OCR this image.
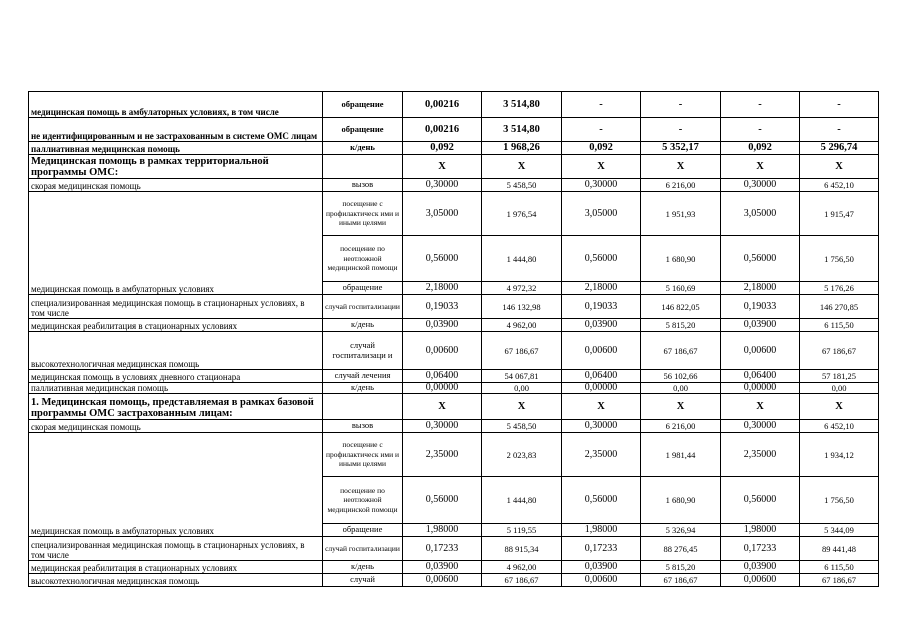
медицинская помощь в амбулаторных условиях, в том числе	обращение	0,00216	3 514,80	-	-	-	-
не идентифицированным и не застрахованным в системе ОМС лицам	обращение	0,00216	3 514,80	-	-	-	-
паллиативная медицинская помощь	к/день	0,092	1 968,26	0,092	5 352,17	0,092	5 296,74
Медицинская помощь в рамках территориальной программы ОМС:		X	X	X	X	X	X
скорая медицинская помощь	вызов	0,30000	5 458,50	0,30000	6 216,00	0,30000	6 452,10
медицинская помощь в амбулаторных условиях	посещение с профилактическ ими и иными целями	3,05000	1 976,54	3,05000	1 951,93	3,05000	1 915,47
	посещение по неотложной медицинской помощи	0,56000	1 444,80	0,56000	1 680,90	0,56000	1 756,50
	обращение	2,18000	4 972,32	2,18000	5 160,69	2,18000	5 176,26
специализированная медицинская помощь в стационарных условиях, в том числе	случай госпитализации	0,19033	146 132,98	0,19033	146 822,05	0,19033	146 270,85
медицинская реабилитация в стационарных условиях	к/день	0,03900	4 962,00	0,03900	5 815,20	0,03900	6 115,50
высокотехнологичная медицинская помощь	случай госпитализаци и	0,00600	67 186,67	0,00600	67 186,67	0,00600	67 186,67
медицинская помощь в условиях дневного стационара	случай лечения	0,06400	54 067,81	0,06400	56 102,66	0,06400	57 181,25
паллиативная медицинская помощь	к/день	0,00000	0,00	0,00000	0,00	0,00000	0,00
1. Медицинская помощь, представляемая в рамках базовой программы ОМС застрахованным лицам:		X	X	X	X	X	X
скорая медицинская помощь	вызов	0,30000	5 458,50	0,30000	6 216,00	0,30000	6 452,10
медицинская помощь в амбулаторных условиях	посещение с профилактическ ими и иными целями	2,35000	2 023,83	2,35000	1 981,44	2,35000	1 934,12
	посещение по неотложной медицинской помощи	0,56000	1 444,80	0,56000	1 680,90	0,56000	1 756,50
	обращение	1,98000	5 119,55	1,98000	5 326,94	1,98000	5 344,09
специализированная медицинская помощь в стационарных условиях, в том числе	случай госпитализации	0,17233	88 915,34	0,17233	88 276,45	0,17233	89 441,48
медицинская реабилитация в стационарных условиях	к/день	0,03900	4 962,00	0,03900	5 815,20	0,03900	6 115,50
высокотехнологичная медицинская помощь	случай	0,00600	67 186,67	0,00600	67 186,67	0,00600	67 186,67
